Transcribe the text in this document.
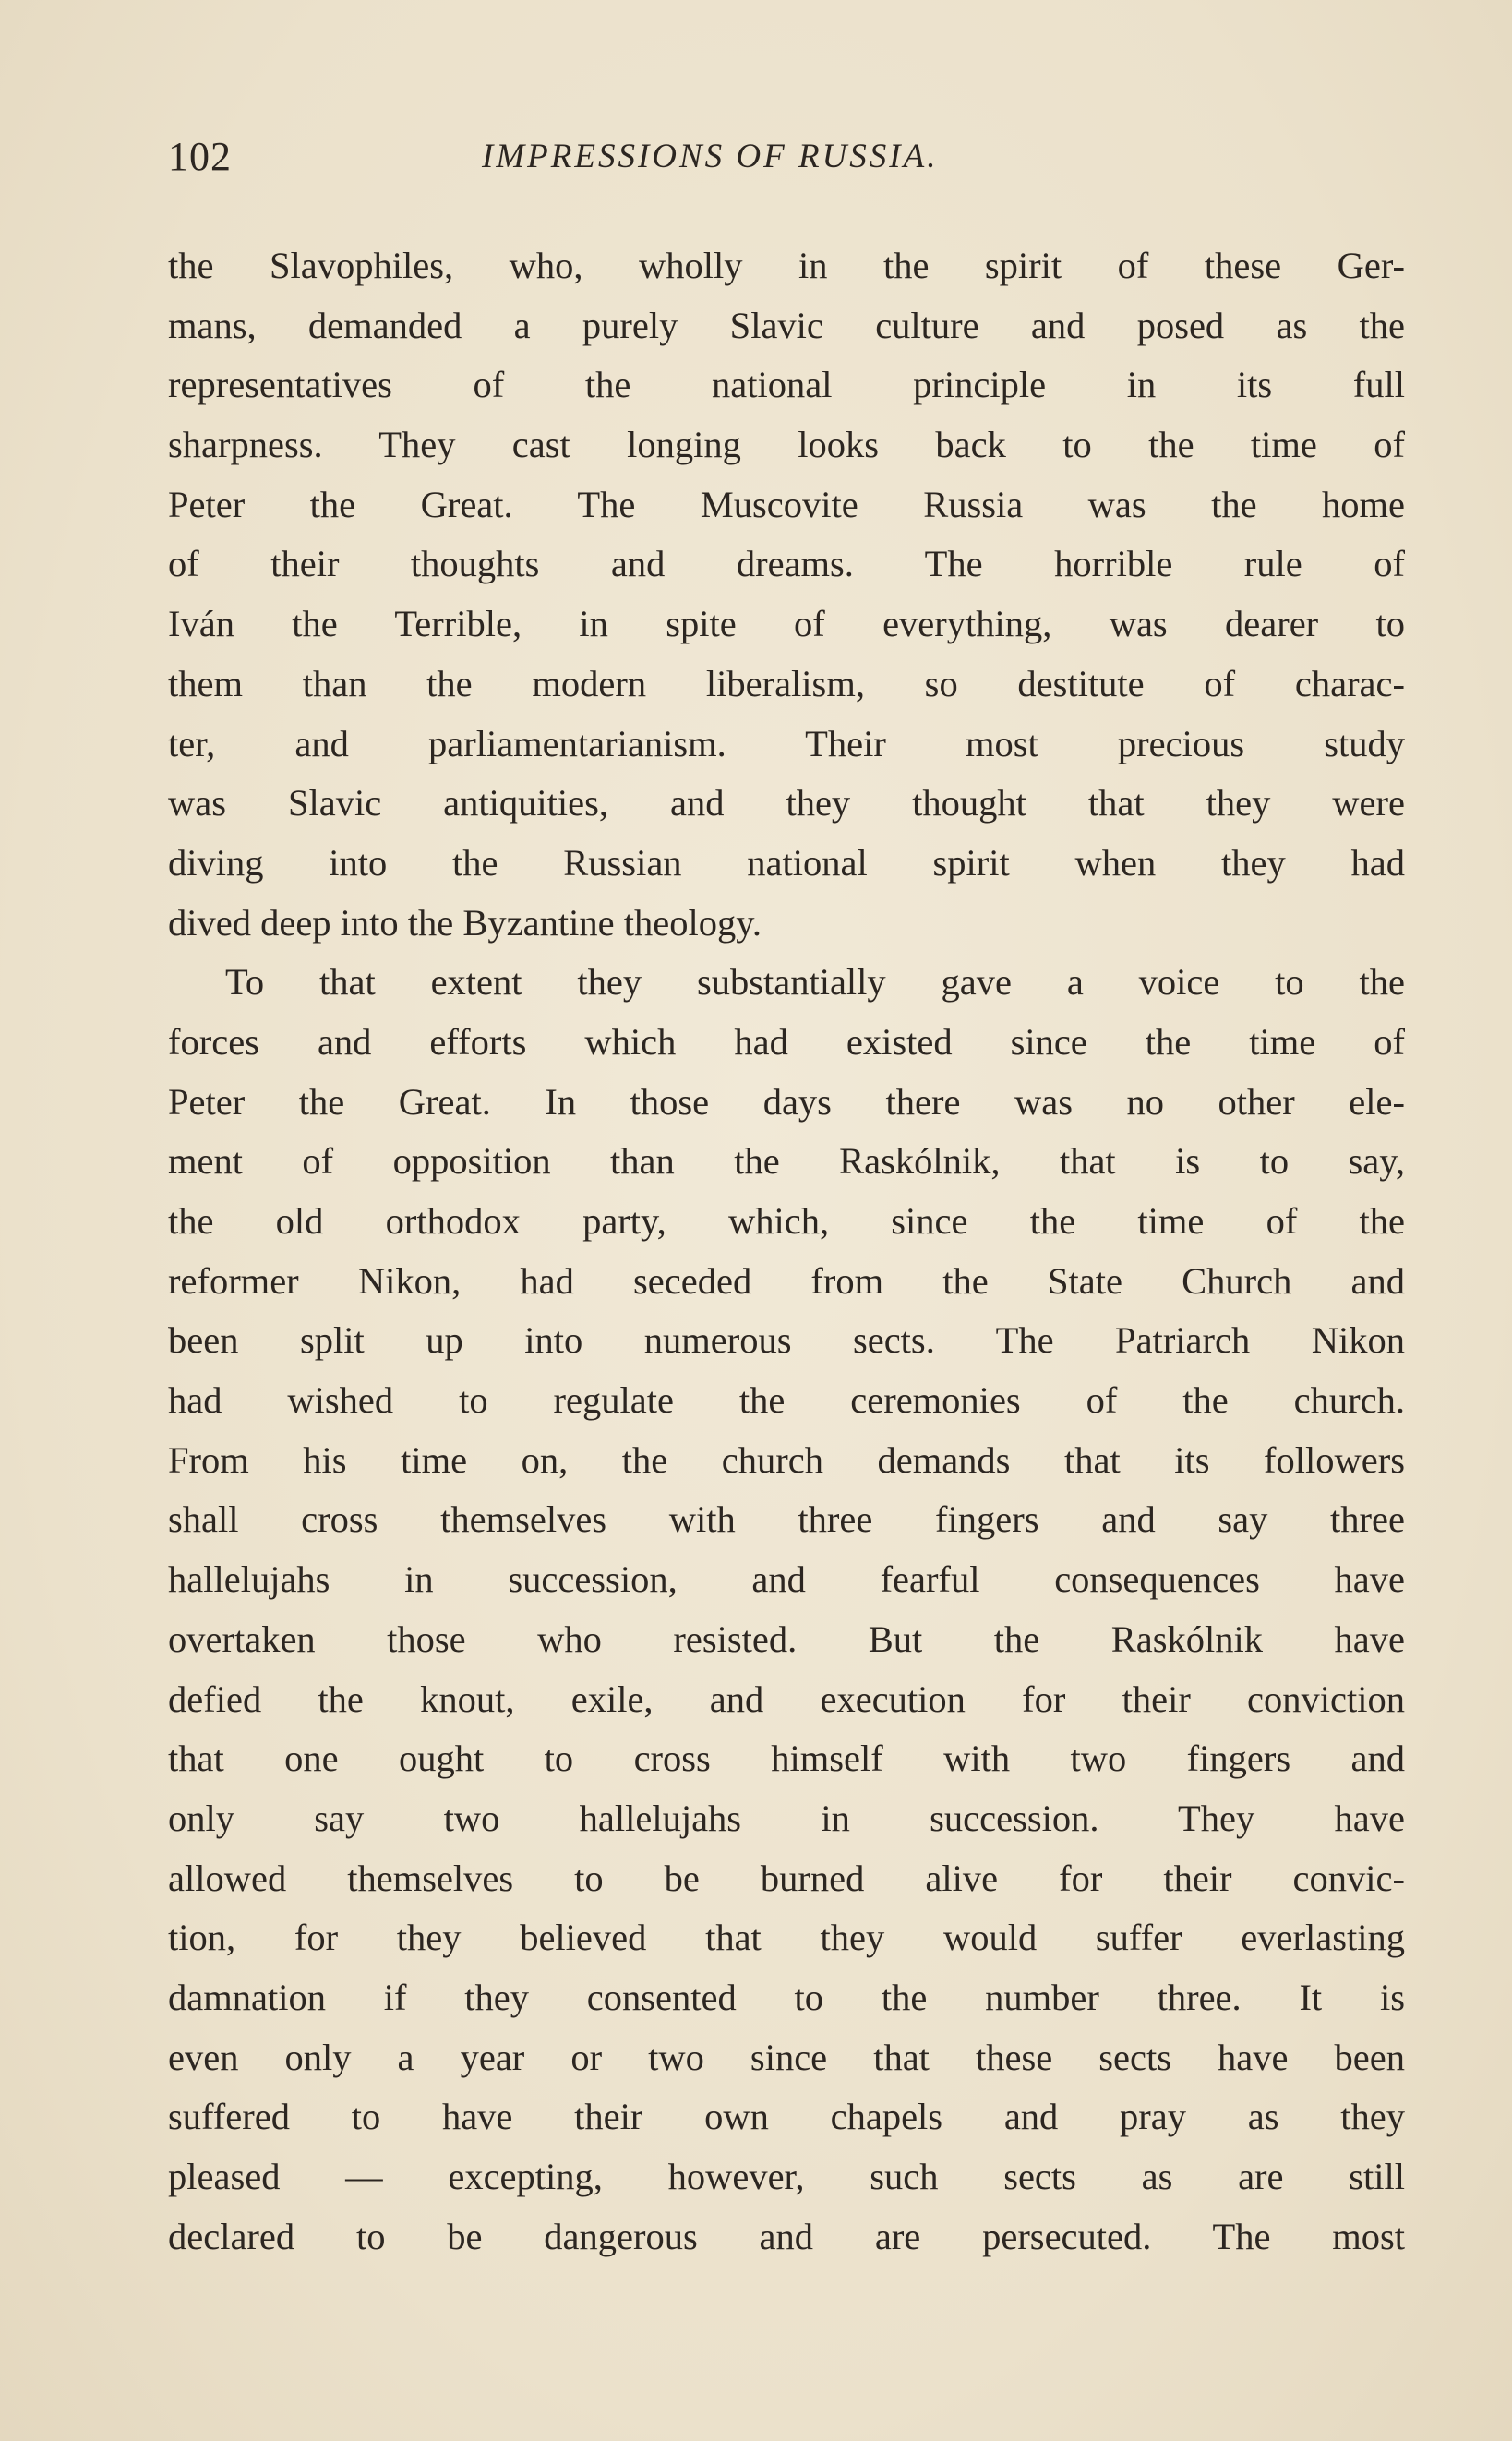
102	IMPRESSIONS OF RUSSIA.
the Slavophiles, who, wholly in the spirit of these Ger-
mans, demanded a purely Slavic culture and posed as the
representatives of the national principle in its full
sharpness. They cast longing looks back to the time of
Peter the Great. The Muscovite Russia was the home
of their thoughts and dreams. The horrible rule of
Iván the Terrible, in spite of everything, was dearer to
them than the modern liberalism, so destitute of charac-
ter, and parliamentarianism. Their most precious study
was Slavic antiquities, and they thought that they were
diving into the Russian national spirit when they had
dived deep into the Byzantine theology.
To that extent they substantially gave a voice to the
forces and efforts which had existed since the time of
Peter the Great. In those days there was no other ele-
ment of opposition than the Raskólnik, that is to say,
the old orthodox party, which, since the time of the
reformer Nikon, had seceded from the State Church and
been split up into numerous sects. The Patriarch Nikon
had wished to regulate the ceremonies of the church.
From his time on, the church demands that its followers
shall cross themselves with three fingers and say three
hallelujahs in succession, and fearful consequences have
overtaken those who resisted. But the Raskólnik have
defied the knout, exile, and execution for their conviction
that one ought to cross himself with two fingers and
only say two hallelujahs in succession. They have
allowed themselves to be burned alive for their convic-
tion, for they believed that they would suffer everlasting
damnation if they consented to the number three. It is
even only a year or two since that these sects have been
suffered to have their own chapels and pray as they
pleased — excepting, however, such sects as are still
declared to be dangerous and are persecuted. The most
